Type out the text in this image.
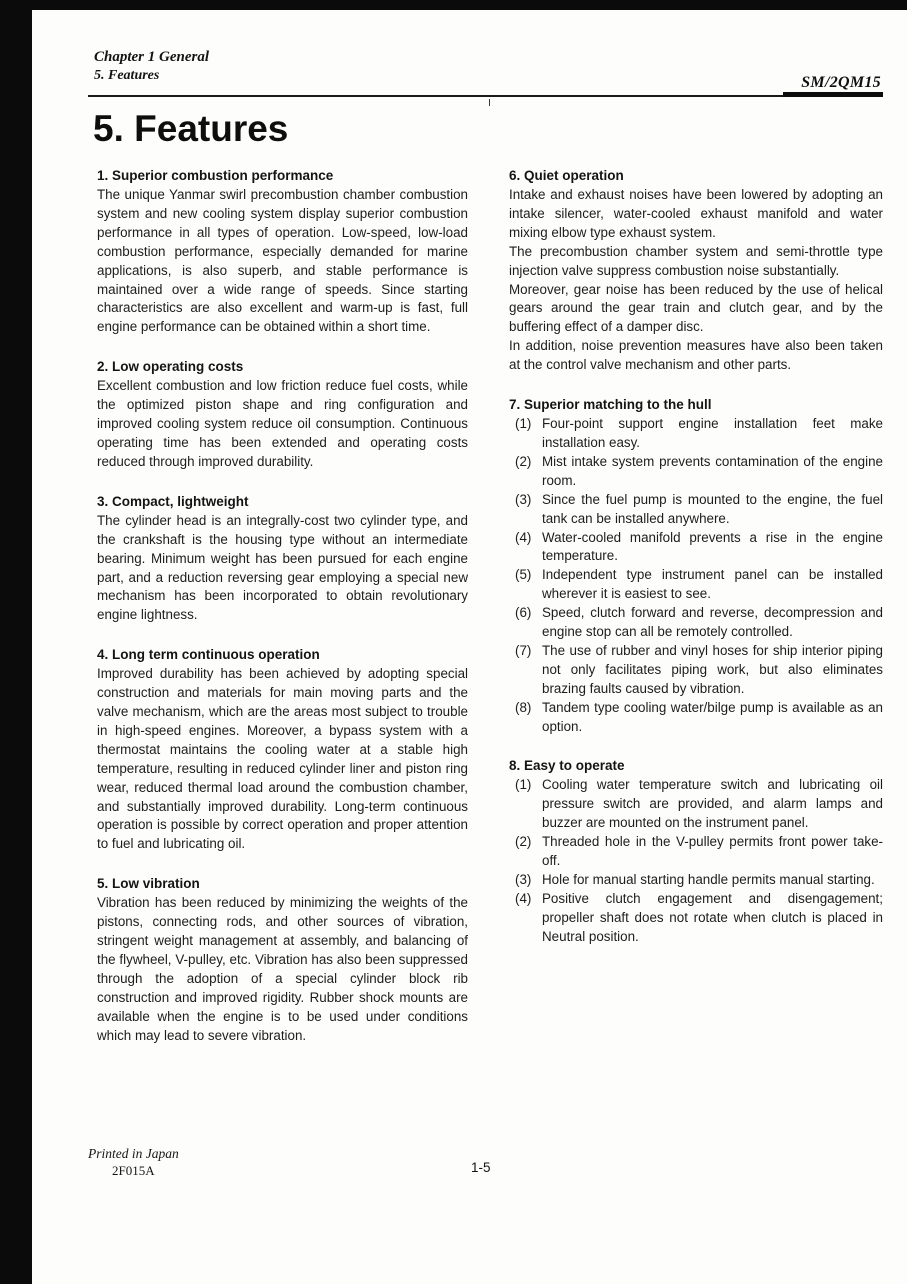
Chapter 1 General
5. Features	SM/2QM15
5. Features
1. Superior combustion performance

The unique Yanmar swirl precombustion chamber combustion system and new cooling system display superior combustion performance in all types of operation. Low-speed, low-load combustion performance, especially demanded for marine applications, is also superb, and stable performance is maintained over a wide range of speeds. Since starting characteristics are also excellent and warm-up is fast, full engine performance can be obtained within a short time.

2. Low operating costs

Excellent combustion and low friction reduce fuel costs, while the optimized piston shape and ring configuration and improved cooling system reduce oil consumption. Continuous operating time has been extended and operating costs reduced through improved durability.

3. Compact, lightweight

The cylinder head is an integrally-cost two cylinder type, and the crankshaft is the housing type without an intermediate bearing. Minimum weight has been pursued for each engine part, and a reduction reversing gear employing a special new mechanism has been incorporated to obtain revolutionary engine lightness.

4. Long term continuous operation

Improved durability has been achieved by adopting special construction and materials for main moving parts and the valve mechanism, which are the areas most subject to trouble in high-speed engines. Moreover, a bypass system with a thermostat maintains the cooling water at a stable high temperature, resulting in reduced cylinder liner and piston ring wear, reduced thermal load around the combustion chamber, and substantially improved durability. Long-term continuous operation is possible by correct operation and proper attention to fuel and lubricating oil.

5. Low vibration

Vibration has been reduced by minimizing the weights of the pistons, connecting rods, and other sources of vibration, stringent weight management at assembly, and balancing of the flywheel, V-pulley, etc. Vibration has also been suppressed through the adoption of a special cylinder block rib construction and improved rigidity. Rubber shock mounts are available when the engine is to be used under conditions which may lead to severe vibration.

6. Quiet operation

Intake and exhaust noises have been lowered by adopting an intake silencer, water-cooled exhaust manifold and water mixing elbow type exhaust system.

The precombustion chamber system and semi-throttle type injection valve suppress combustion noise substantially.

Moreover, gear noise has been reduced by the use of helical gears around the gear train and clutch gear, and by the buffering effect of a damper disc.

In addition, noise prevention measures have also been taken at the control valve mechanism and other parts.

7. Superior matching to the hull
(1) Four-point support engine installation feet make installation easy.
(2) Mist intake system prevents contamination of the engine room.
(3) Since the fuel pump is mounted to the engine, the fuel tank can be installed anywhere.
(4) Water-cooled manifold prevents a rise in the engine temperature.
(5) Independent type instrument panel can be installed wherever it is easiest to see.
(6) Speed, clutch forward and reverse, decompression and engine stop can all be remotely controlled.
(7) The use of rubber and vinyl hoses for ship interior piping not only facilitates piping work, but also eliminates brazing faults caused by vibration.
(8) Tandem type cooling water/bilge pump is available as an option.
8. Easy to operate
(1) Cooling water temperature switch and lubricating oil pressure switch are provided, and alarm lamps and buzzer are mounted on the instrument panel.
(2) Threaded hole in the V-pulley permits front power take-off.
(3) Hole for manual starting handle permits manual starting.
(4) Positive clutch engagement and disengagement; propeller shaft does not rotate when clutch is placed in Neutral position.
Printed in Japan
2F015A	1-5
